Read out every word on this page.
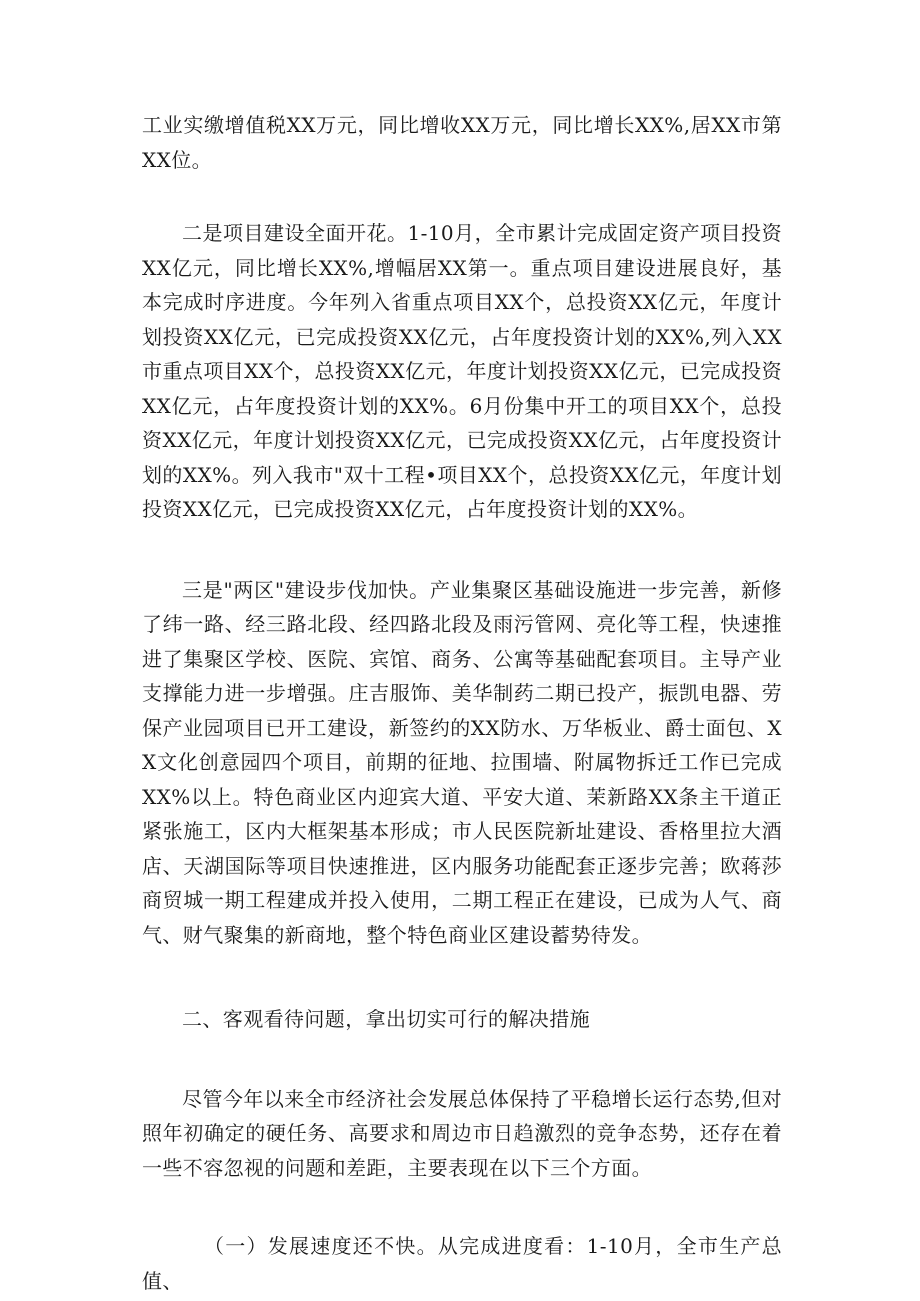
工业实缴增值税XX万元，同比增收XX万元，同比增长XX%,居XX市第XX位。

二是项目建设全面开花。1-10月，全市累计完成固定资产项目投资XX亿元，同比增长XX%,增幅居XX第一。重点项目建设进展良好，基本完成时序进度。今年列入省重点项目XX个，总投资XX亿元，年度计划投资XX亿元，已完成投资XX亿元，占年度投资计划的XX%,列入XX市重点项目XX个，总投资XX亿元，年度计划投资XX亿元，已完成投资XX亿元，占年度投资计划的XX%。6月份集中开工的项目XX个，总投资XX亿元，年度计划投资XX亿元，已完成投资XX亿元，占年度投资计划的XX%。列入我市"双十工程•项目XX个，总投资XX亿元，年度计划投资XX亿元，已完成投资XX亿元，占年度投资计划的XX%。

三是"两区"建设步伐加快。产业集聚区基础设施进一步完善，新修了纬一路、经三路北段、经四路北段及雨污管网、亮化等工程，快速推进了集聚区学校、医院、宾馆、商务、公寓等基础配套项目。主导产业支撑能力进一步增强。庄吉服饰、美华制药二期已投产，振凯电器、劳保产业园项目已开工建设，新签约的XX防水、万华板业、爵士面包、XX文化创意园四个项目，前期的征地、拉围墙、附属物拆迁工作已完成XX%以上。特色商业区内迎宾大道、平安大道、茉新路XX条主干道正紧张施工，区内大框架基本形成；市人民医院新址建设、香格里拉大酒店、天湖国际等项目快速推进，区内服务功能配套正逐步完善；欧蒋莎商贸城一期工程建成并投入使用，二期工程正在建设，已成为人气、商气、财气聚集的新商地，整个特色商业区建设蓄势待发。

二、客观看待问题，拿出切实可行的解决措施

尽管今年以来全市经济社会发展总体保持了平稳增长运行态势,但对照年初确定的硬任务、高要求和周边市日趋激烈的竞争态势，还存在着一些不容忽视的问题和差距，主要表现在以下三个方面。

（一）发展速度还不快。从完成进度看：1-10月，全市生产总值、
